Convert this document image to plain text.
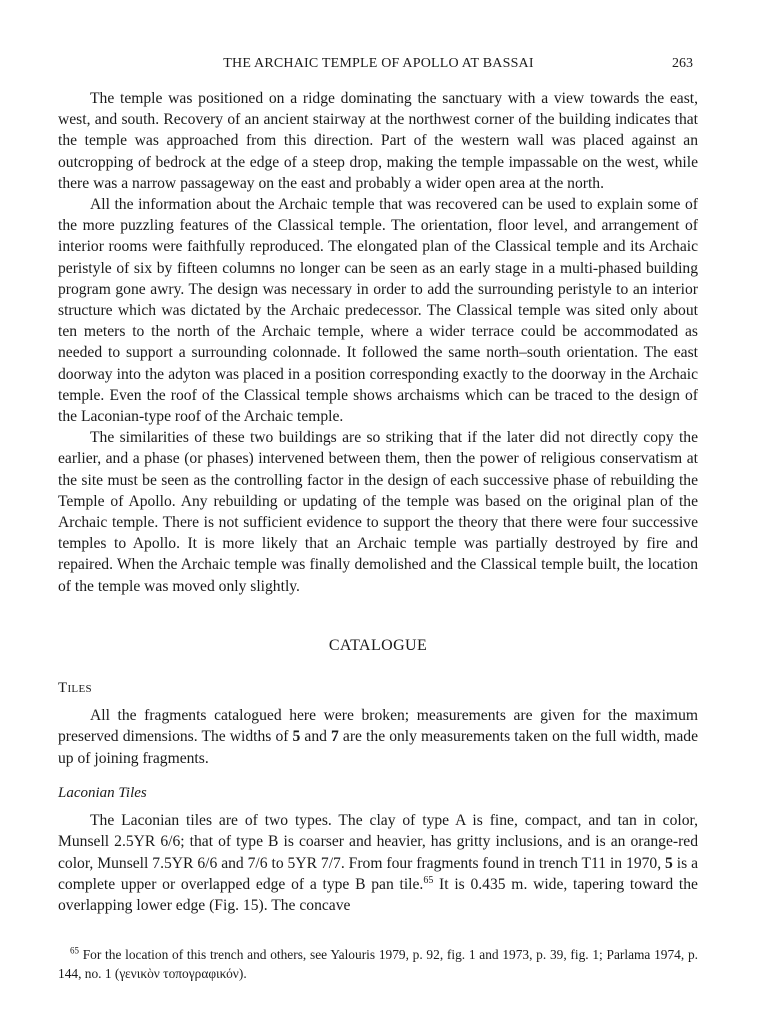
THE ARCHAIC TEMPLE OF APOLLO AT BASSAI	263

The temple was positioned on a ridge dominating the sanctuary with a view towards the east, west, and south. Recovery of an ancient stairway at the northwest corner of the building indicates that the temple was approached from this direction. Part of the western wall was placed against an outcropping of bedrock at the edge of a steep drop, making the temple impassable on the west, while there was a narrow passageway on the east and probably a wider open area at the north.

All the information about the Archaic temple that was recovered can be used to explain some of the more puzzling features of the Classical temple. The orientation, floor level, and arrangement of interior rooms were faithfully reproduced. The elongated plan of the Classical temple and its Archaic peristyle of six by fifteen columns no longer can be seen as an early stage in a multi-phased building program gone awry. The design was necessary in order to add the surrounding peristyle to an interior structure which was dictated by the Archaic predecessor. The Classical temple was sited only about ten meters to the north of the Archaic temple, where a wider terrace could be accommodated as needed to support a surrounding colonnade. It followed the same north–south orientation. The east doorway into the adyton was placed in a position corresponding exactly to the doorway in the Archaic temple. Even the roof of the Classical temple shows archaisms which can be traced to the design of the Laconian-type roof of the Archaic temple.

The similarities of these two buildings are so striking that if the later did not directly copy the earlier, and a phase (or phases) intervened between them, then the power of religious conservatism at the site must be seen as the controlling factor in the design of each successive phase of rebuilding the Temple of Apollo. Any rebuilding or updating of the temple was based on the original plan of the Archaic temple. There is not sufficient evidence to support the theory that there were four successive temples to Apollo. It is more likely that an Archaic temple was partially destroyed by fire and repaired. When the Archaic temple was finally demolished and the Classical temple built, the location of the temple was moved only slightly.

CATALOGUE
Tiles

All the fragments catalogued here were broken; measurements are given for the maximum preserved dimensions. The widths of 5 and 7 are the only measurements taken on the full width, made up of joining fragments.

Laconian Tiles

The Laconian tiles are of two types. The clay of type A is fine, compact, and tan in color, Munsell 2.5YR 6/6; that of type B is coarser and heavier, has gritty inclusions, and is an orange-red color, Munsell 7.5YR 6/6 and 7/6 to 5YR 7/7. From four fragments found in trench T11 in 1970, 5 is a complete upper or overlapped edge of a type B pan tile.$^{65}$ It is 0.435 m. wide, tapering toward the overlapping lower edge (Fig. 15). The concave

$^{65}$ For the location of this trench and others, see Yalouris 1979, p. 92, fig. 1 and 1973, p. 39, fig. 1; Parlama 1974, p. 144, no. 1 (γενικὸν τοπογραφικόν).
